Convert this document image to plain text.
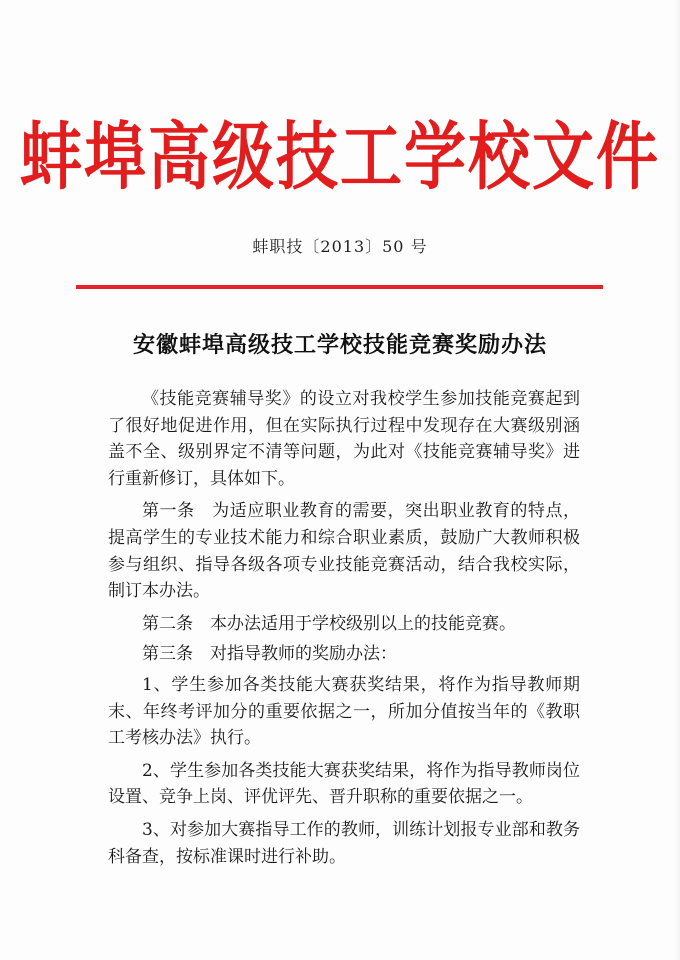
蚌埠高级技工学校文件
蚌职技〔2013〕50 号
安徽蚌埠高级技工学校技能竞赛奖励办法

《技能竞赛辅导奖》的设立对我校学生参加技能竞赛起到了很好地促进作用，但在实际执行过程中发现存在大赛级别涵盖不全、级别界定不清等问题，为此对《技能竞赛辅导奖》进行重新修订，具体如下。

第一条　为适应职业教育的需要，突出职业教育的特点，提高学生的专业技术能力和综合职业素质，鼓励广大教师积极参与组织、指导各级各项专业技能竞赛活动，结合我校实际，制订本办法。

第二条　本办法适用于学校级别以上的技能竞赛。

第三条　对指导教师的奖励办法：

1、学生参加各类技能大赛获奖结果，将作为指导教师期末、年终考评加分的重要依据之一，所加分值按当年的《教职工考核办法》执行。

2、学生参加各类技能大赛获奖结果，将作为指导教师岗位设置、竞争上岗、评优评先、晋升职称的重要依据之一。

3、对参加大赛指导工作的教师，训练计划报专业部和教务科备查，按标准课时进行补助。
